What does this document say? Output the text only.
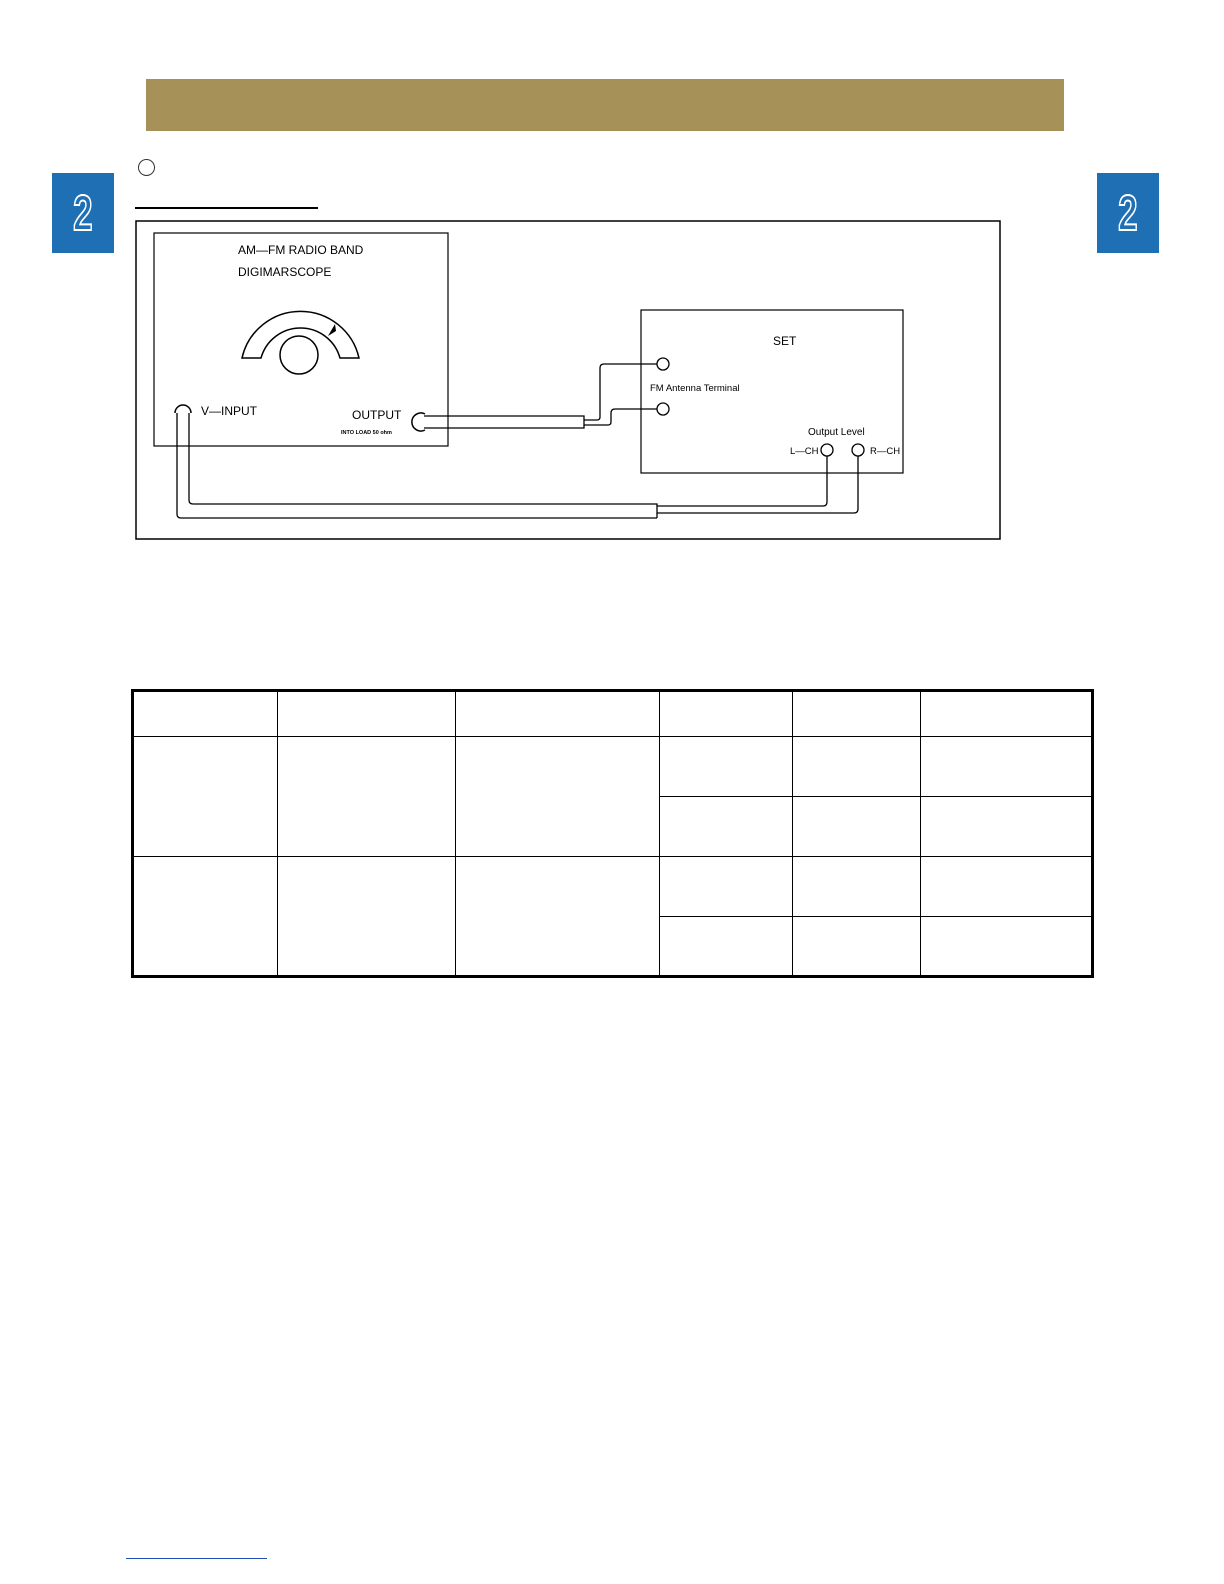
2	2
AM—FM RADIO BAND
DIGIMARSCOPE
V—INPUT	OUTPUT
INTO LOAD 50 ohm
SET
FM Antenna Terminal
Output Level
L—CH	R—CH
